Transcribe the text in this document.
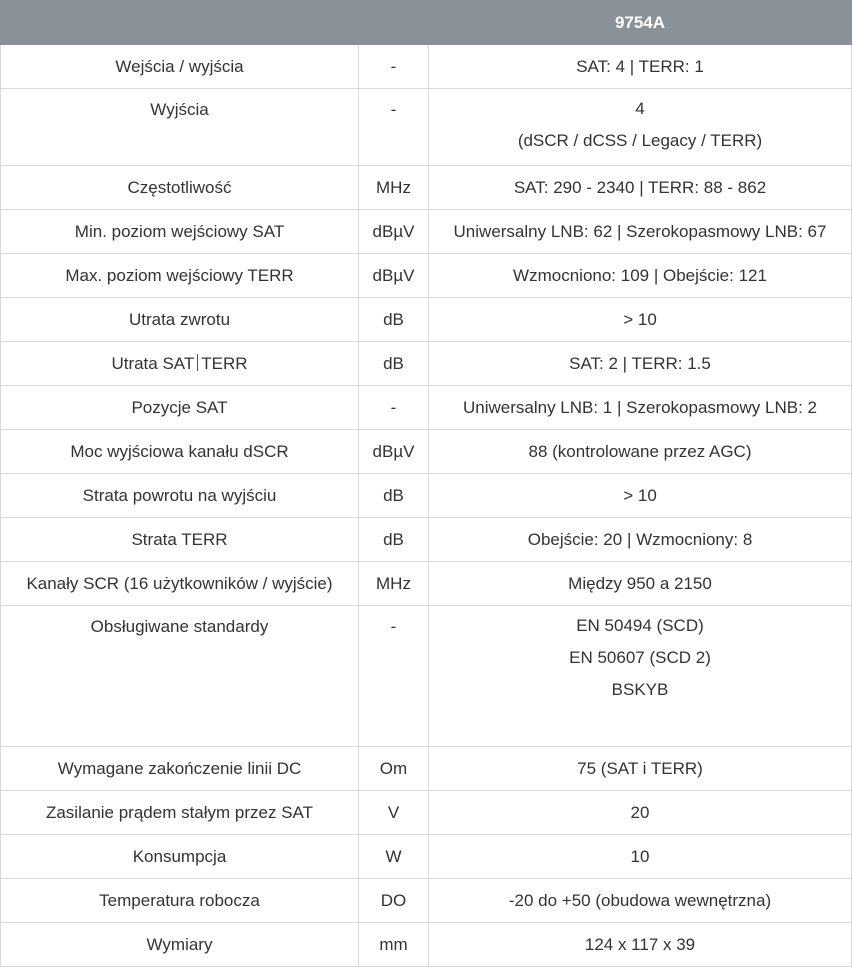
		9754A
Wejścia / wyjścia	-	SAT: 4 | TERR: 1
Wyjścia	-	4
(dSCR / dCSS / Legacy / TERR)

Częstotliwość	MHz	SAT: 290 - 2340 | TERR: 88 - 862
Min. poziom wejściowy SAT	dBµV	Uniwersalny LNB: 62 | Szerokopasmowy LNB: 67
Max. poziom wejściowy TERR	dBµV	Wzmocniono: 109 | Obejście: 121
Utrata zwrotu	dB	> 10
Utrata SAT TERR	dB	SAT: 2 | TERR: 1.5
Pozycje SAT	-	Uniwersalny LNB: 1 | Szerokopasmowy LNB: 2
Moc wyjściowa kanału dSCR	dBµV	88 (kontrolowane przez AGC)
Strata powrotu na wyjściu	dB	> 10
Strata TERR	dB	Obejście: 20 | Wzmocniony: 8
Kanały SCR (16 użytkowników / wyjście)	MHz	Między 950 a 2150
Obsługiwane standardy	-	EN 50494 (SCD)
EN 50607 (SCD 2)
BSKYB

Wymagane zakończenie linii DC	Om	75 (SAT i TERR)
Zasilanie prądem stałym przez SAT	V	20
Konsumpcja	W	10
Temperatura robocza	DO	-20 do +50 (obudowa wewnętrzna)
Wymiary	mm	124 x 117 x 39
